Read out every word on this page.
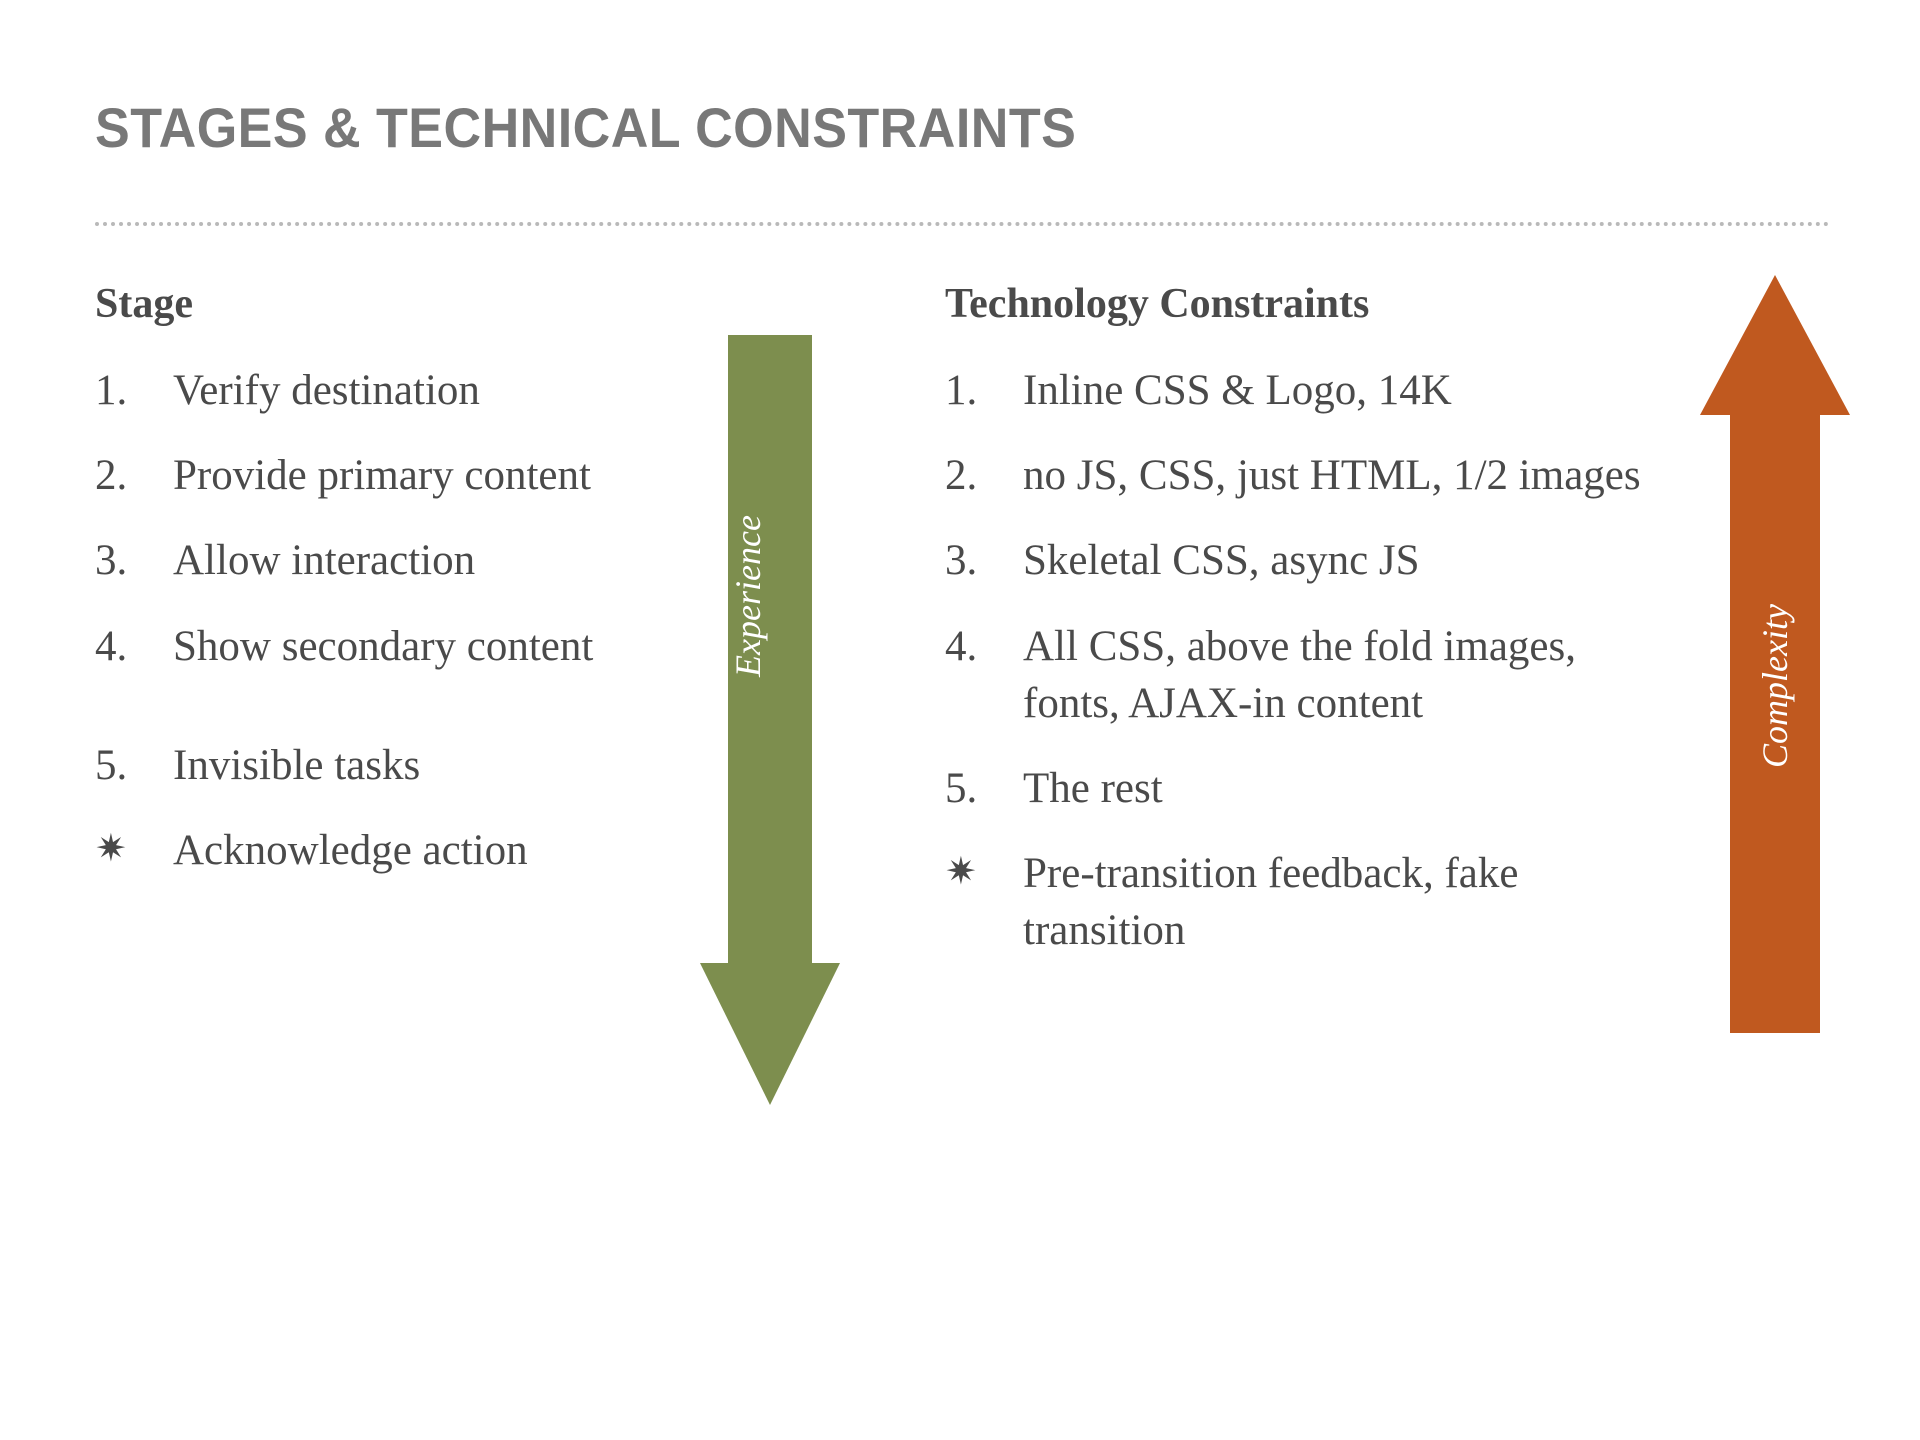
STAGES & TECHNICAL CONSTRAINTS
Stage
1.	Verify destination
2.	Provide primary content
3.	Allow interaction
4.	Show secondary content
5.	Invisible tasks
✷	Acknowledge action
Technology Constraints
1.	Inline CSS & Logo, 14K
2.	no JS, CSS, just HTML, 1/2 images
3.	Skeletal CSS, async JS
4.	All CSS, above the fold images, fonts, AJAX-in content
5.	The rest
✷	Pre-transition feedback, fake transition
Experience
Complexity
